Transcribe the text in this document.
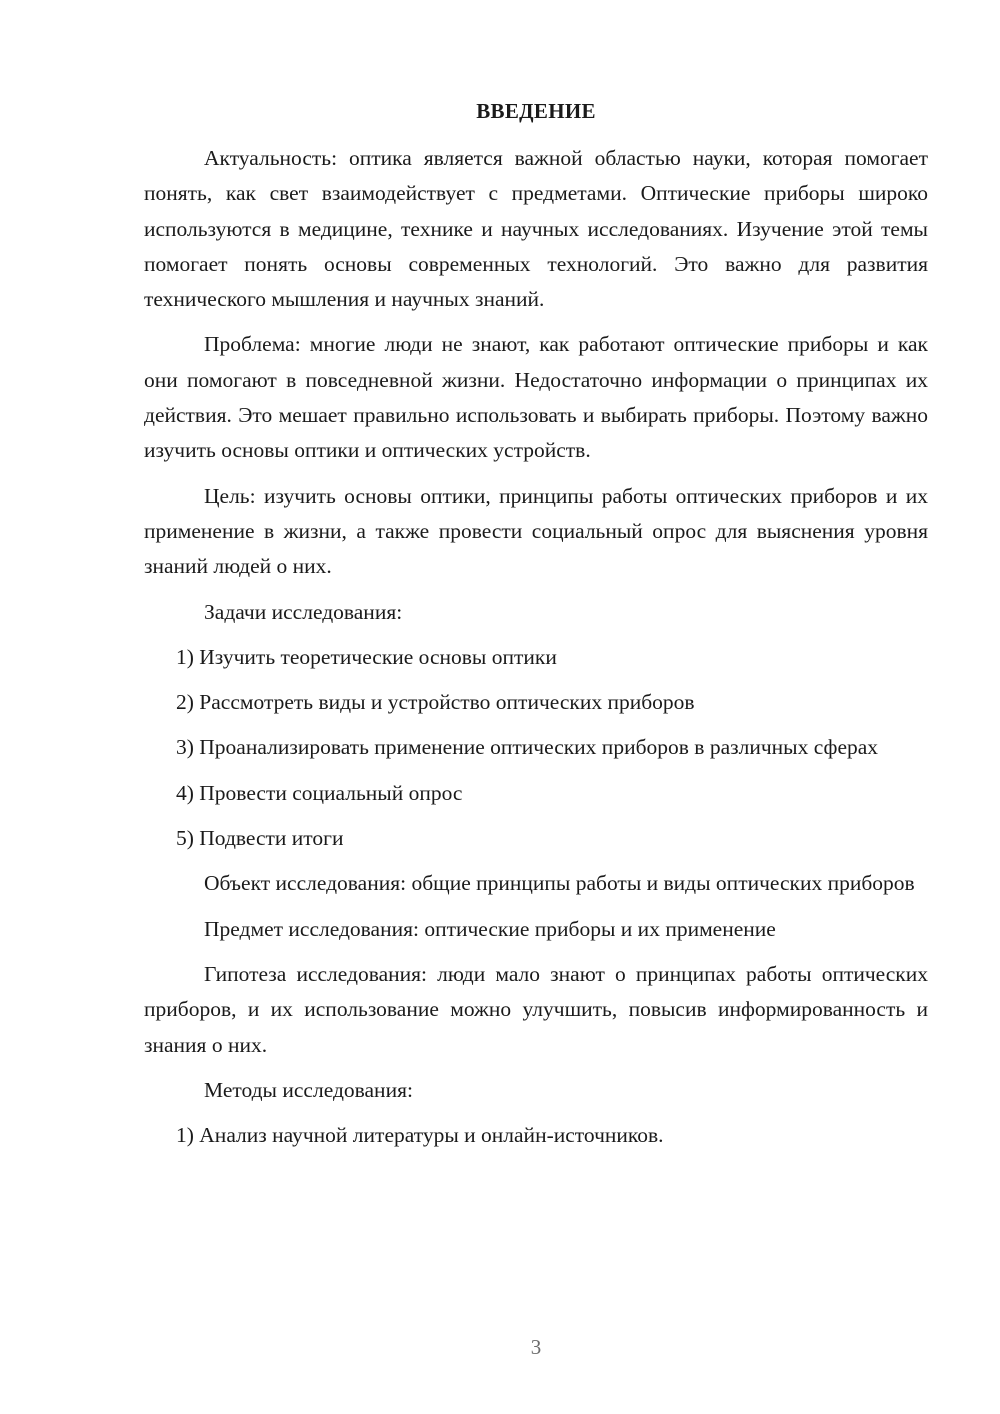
ВВЕДЕНИЕ

Актуальность: оптика является важной областью науки, которая помогает понять, как свет взаимодействует с предметами. Оптические приборы широко используются в медицине, технике и научных исследованиях. Изучение этой темы помогает понять основы современных технологий. Это важно для развития технического мышления и научных знаний.

Проблема: многие люди не знают, как работают оптические приборы и как они помогают в повседневной жизни. Недостаточно информации о принципах их действия. Это мешает правильно использовать и выбирать приборы. Поэтому важно изучить основы оптики и оптических устройств.

Цель: изучить основы оптики, принципы работы оптических приборов и их применение в жизни, а также провести социальный опрос для выяснения уровня знаний людей о них.

Задачи исследования:

1) Изучить теоретические основы оптики

2) Рассмотреть виды и устройство оптических приборов

3) Проанализировать применение оптических приборов в различных сферах

4) Провести социальный опрос

5) Подвести итоги

Объект исследования: общие принципы работы и виды оптических приборов

Предмет исследования: оптические приборы и их применение

Гипотеза исследования: люди мало знают о принципах работы оптических приборов, и их использование можно улучшить, повысив информированность и знания о них.

Методы исследования:

1) Анализ научной литературы и онлайн-источников.

3
